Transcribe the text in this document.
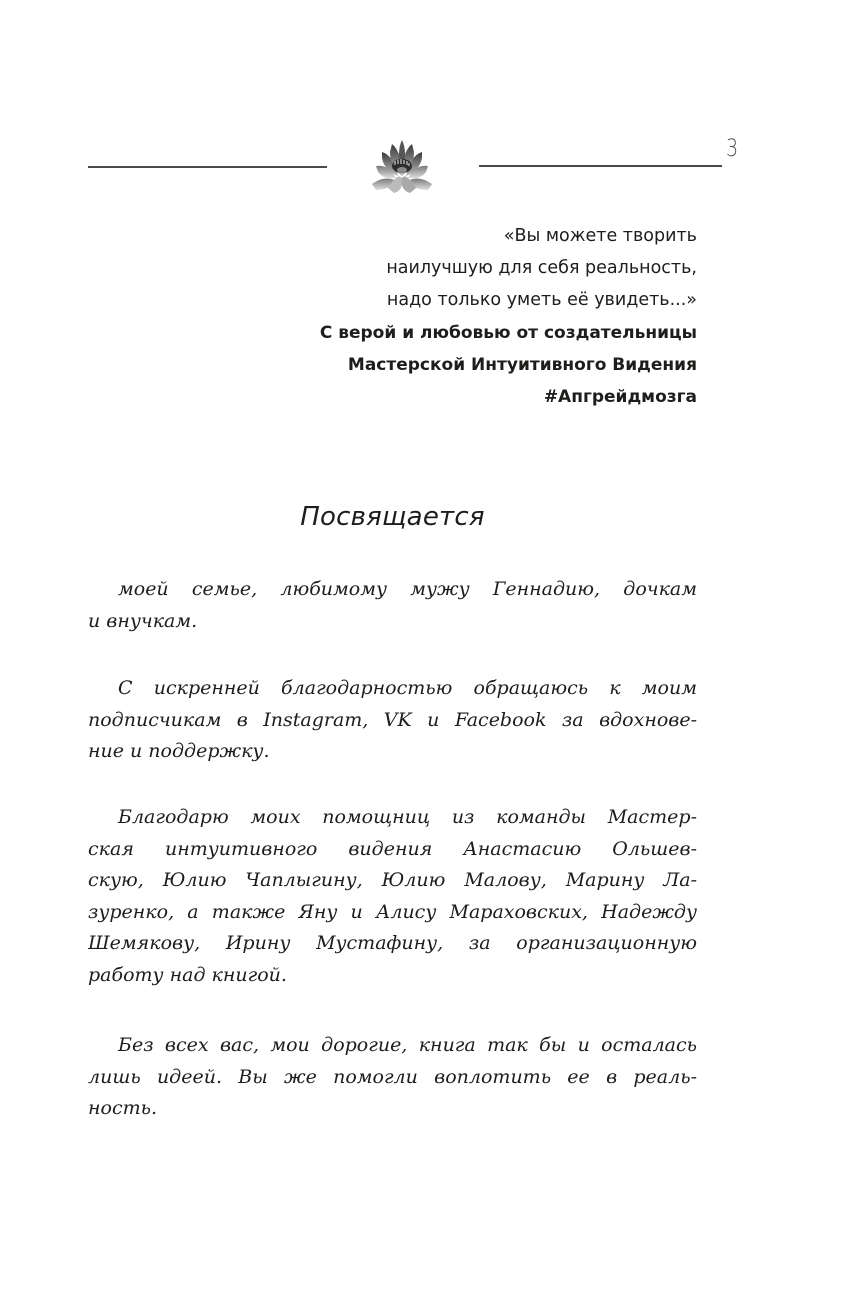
3
«Вы можете творить
наилучшую для себя реальность,
надо только уметь её увидеть...»
С верой и любовью от создательницы
Мастерской Интуитивного Видения
#Апгрейдмозга
Посвящается
моей семье, любимому мужу Геннадию, дочкам
и внучкам.
С искренней благодарностью обращаюсь к моим
подписчикам в Instagram, VK и Facebook за вдохнове-
ние и поддержку.
Благодарю моих помощниц из команды Мастер-
ская интуитивного видения Анастасию Ольшев-
скую, Юлию Чаплыгину, Юлию Малову, Марину Ла-
зуренко, а также Яну и Алису Мараховских, Надежду
Шемякову, Ирину Мустафину, за организационную
работу над книгой.
Без всех вас, мои дорогие, книга так бы и осталась
лишь идеей. Вы же помогли воплотить ее в реаль-
ность.
